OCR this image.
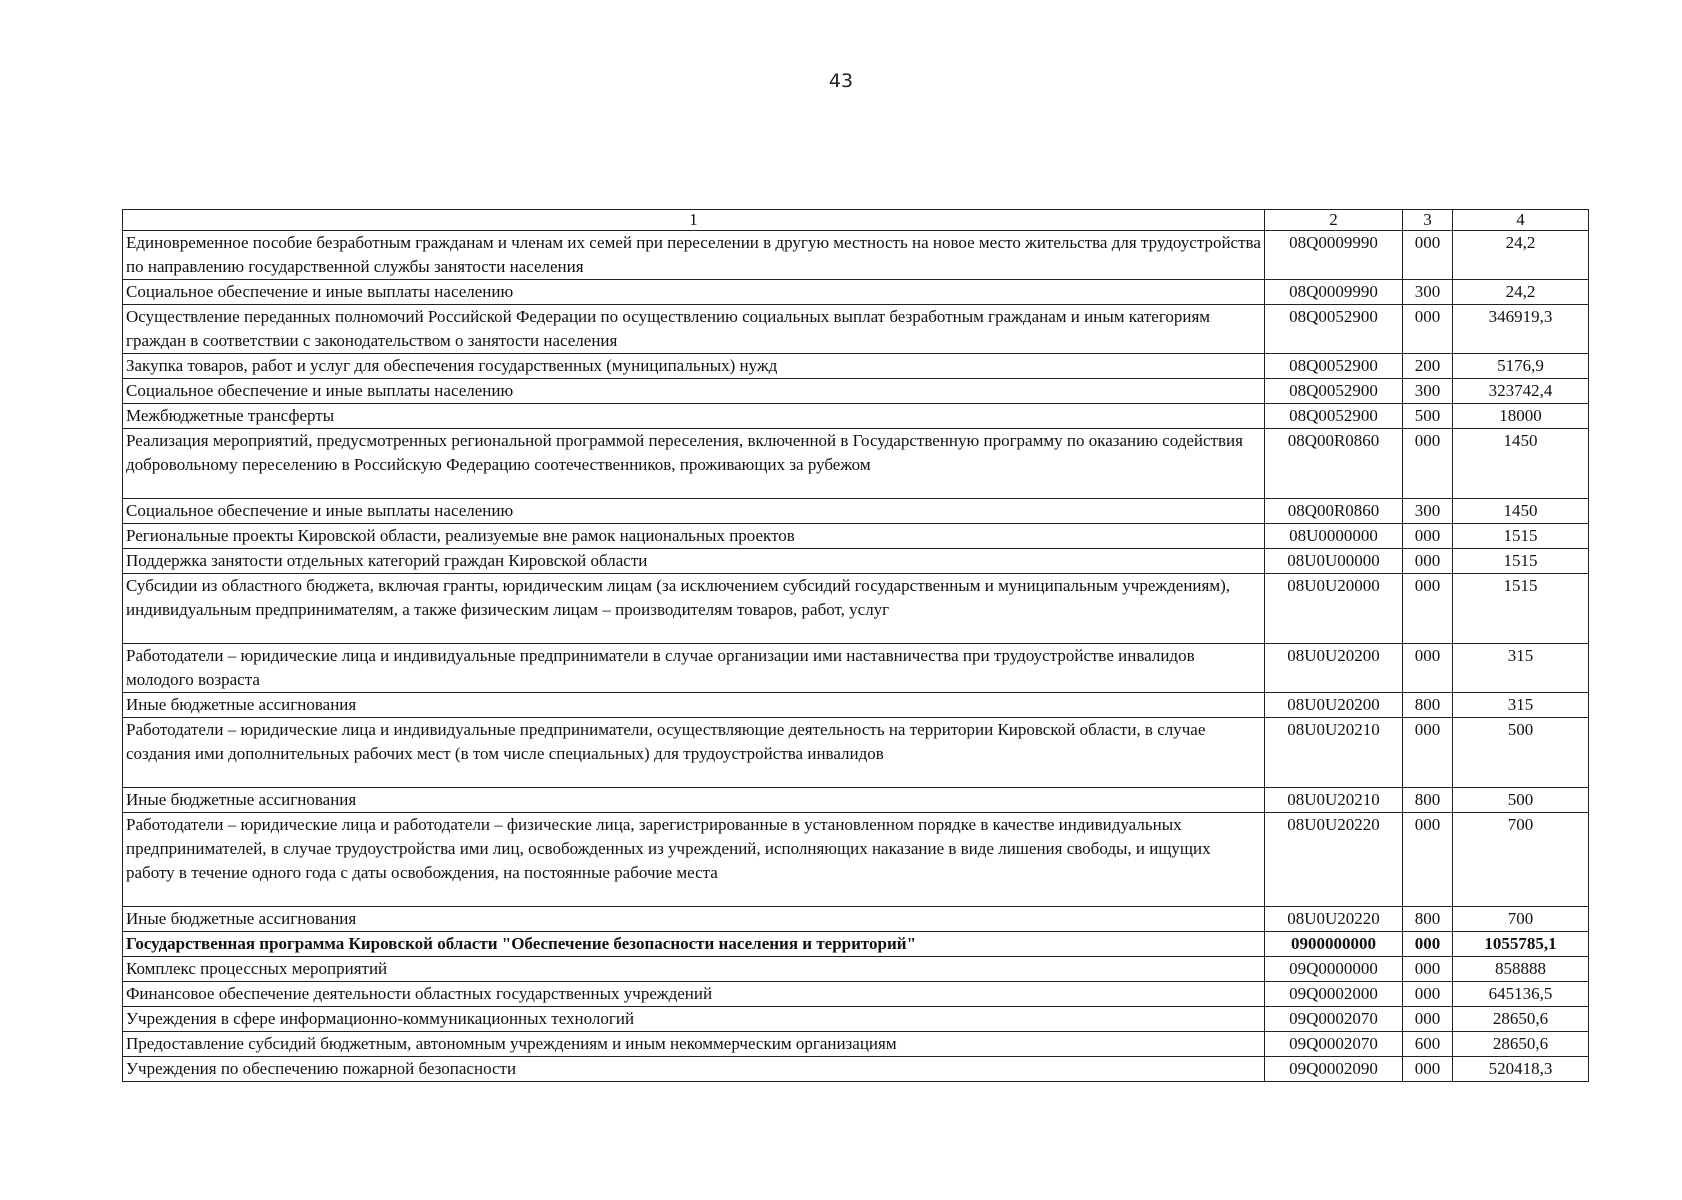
43
1	2	3	4
Единовременное пособие безработным гражданам и членам их семей при переселении в другую местность на новое место жительства для трудоустройства по направлению государственной службы занятости населения	08Q0009990	000	24,2
Социальное обеспечение и иные выплаты населению	08Q0009990	300	24,2
Осуществление переданных полномочий Российской Федерации по осуществлению социальных выплат безработным гражданам и иным категориям граждан в соответствии с законодательством о занятости населения	08Q0052900	000	346919,3
Закупка товаров, работ и услуг для обеспечения государственных (муниципальных) нужд	08Q0052900	200	5176,9
Социальное обеспечение и иные выплаты населению	08Q0052900	300	323742,4
Межбюджетные трансферты	08Q0052900	500	18000
Реализация мероприятий, предусмотренных региональной программой переселения, включенной в Государственную программу по оказанию содействия добровольному переселению в Российскую Федерацию соотечественников, проживающих за рубежом	08Q00R0860	000	1450
Социальное обеспечение и иные выплаты населению	08Q00R0860	300	1450
Региональные проекты Кировской области, реализуемые вне рамок национальных проектов	08U0000000	000	1515
Поддержка занятости отдельных категорий граждан Кировской области	08U0U00000	000	1515
Субсидии из областного бюджета, включая гранты, юридическим лицам (за исключением субсидий государственным и муниципальным учреждениям), индивидуальным предпринимателям, а также физическим лицам – производителям товаров, работ, услуг	08U0U20000	000	1515
Работодатели – юридические лица и индивидуальные предприниматели в случае организации ими наставничества при трудоустройстве инвалидов молодого возраста	08U0U20200	000	315
Иные бюджетные ассигнования	08U0U20200	800	315
Работодатели – юридические лица и индивидуальные предприниматели, осуществляющие деятельность на территории Кировской области, в случае создания ими дополнительных рабочих мест (в том числе специальных) для трудоустройства инвалидов	08U0U20210	000	500
Иные бюджетные ассигнования	08U0U20210	800	500
Работодатели – юридические лица и работодатели – физические лица, зарегистрированные в установленном порядке в качестве индивидуальных предпринимателей, в случае трудоустройства ими лиц, освобожденных из учреждений, исполняющих наказание в виде лишения свободы, и ищущих работу в течение одного года с даты освобождения, на постоянные рабочие места	08U0U20220	000	700
Иные бюджетные ассигнования	08U0U20220	800	700
Государственная программа Кировской области "Обеспечение безопасности населения и территорий"	0900000000	000	1055785,1
Комплекс процессных мероприятий	09Q0000000	000	858888
Финансовое обеспечение деятельности областных государственных учреждений	09Q0002000	000	645136,5
Учреждения в сфере информационно-коммуникационных технологий	09Q0002070	000	28650,6
Предоставление субсидий бюджетным, автономным учреждениям и иным некоммерческим организациям	09Q0002070	600	28650,6
Учреждения по обеспечению пожарной безопасности	09Q0002090	000	520418,3
